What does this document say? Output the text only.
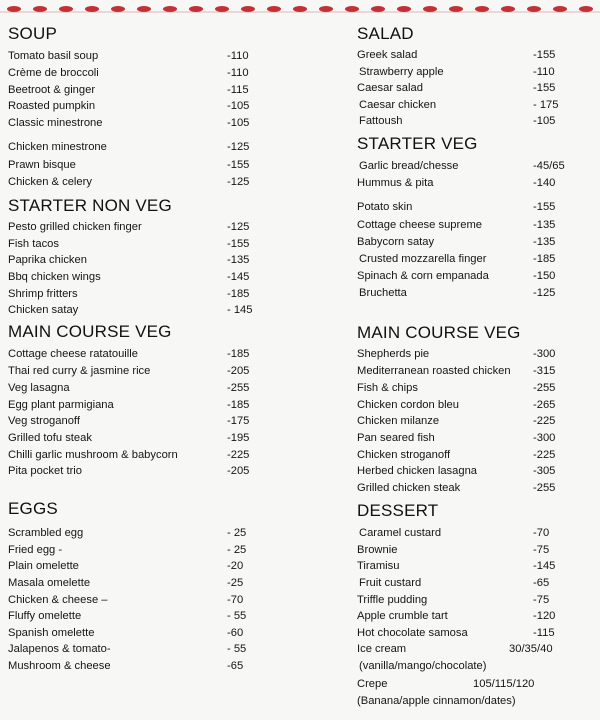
SOUP
Tomato basil soup	-110
Crème de broccoli	-110
Beetroot & ginger	-115
Roasted pumpkin	-105
Classic minestrone	-105
Chicken minestrone	-125
Prawn bisque	-155
Chicken & celery	-125
STARTER NON VEG
Pesto grilled chicken finger	-125
Fish tacos	-155
Paprika chicken	-135
Bbq chicken wings	-145
Shrimp fritters	-185
Chicken satay	- 145
MAIN COURSE VEG
Cottage cheese ratatouille	-185
Thai red curry & jasmine rice	-205
Veg lasagna	-255
Egg plant parmigiana	-185
Veg stroganoff	-175
Grilled tofu steak	-195
Chilli garlic mushroom & babycorn	-225
Pita pocket trio	-205
EGGS
Scrambled egg	- 25
Fried egg -	- 25
Plain omelette	-20
Masala omelette	-25
Chicken & cheese –	-70
Fluffy omelette	- 55
Spanish omelette	-60
Jalapenos & tomato-	- 55
Mushroom & cheese	-65
SALAD
Greek salad	-155
Strawberry apple	-110
Caesar salad	-155
Caesar chicken	- 175
Fattoush	-105
STARTER VEG
Garlic bread/chesse	-45/65
Hummus & pita	-140
Potato skin	-155
Cottage cheese supreme	-135
Babycorn satay	-135
Crusted mozzarella finger	-185
Spinach & corn empanada	-150
Bruchetta	-125
MAIN COURSE VEG
Shepherds pie	-300
Mediterranean roasted chicken -315
Fish & chips	-255
Chicken cordon bleu	-265
Chicken milanze	-225
Pan seared fish	-300
Chicken stroganoff	-225
Herbed chicken lasagna	-305
Grilled chicken steak	-255
DESSERT
Caramel custard	-70
Brownie	-75
Tiramisu	-145
Fruit custard	-65
Triffle pudding	-75
Apple crumble tart	-120
Hot chocolate samosa	-115
Ice cream	30/35/40
(vanilla/mango/chocolate)
Crepe	105/115/120
(Banana/apple cinnamon/dates)
